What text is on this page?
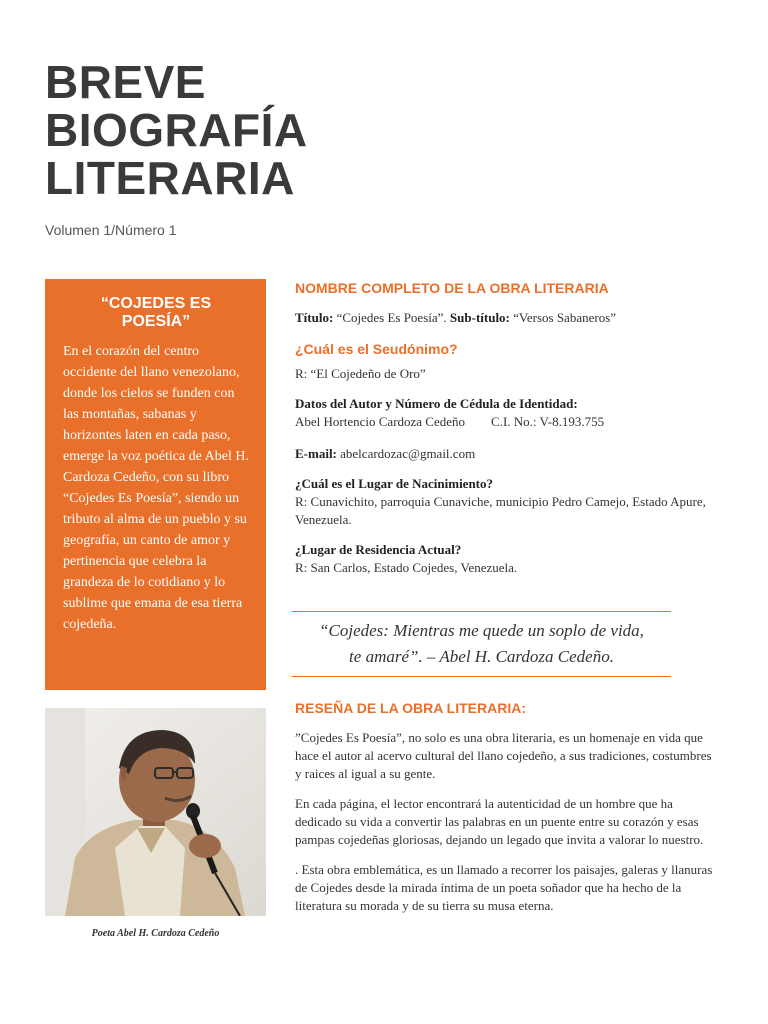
BREVE
BIOGRAFÍA
LITERARIA
Volumen 1/Número 1
“COJEDES ES
POESÍA”

En el corazón del centro occidente del llano venezolano, donde los cielos se funden con las montañas, sabanas y horizontes laten en cada paso, emerge la voz poética de Abel H. Cardoza Cedeño, con su libro “Cojedes Es Poesía”, siendo un tributo al alma de un pueblo y su geografía, un canto de amor y pertinencia que celebra la grandeza de lo cotidiano y lo sublime que emana de esa tierra cojedeña.

Poeta Abel H. Cardoza Cedeño
NOMBRE COMPLETO DE LA OBRA LITERARIA

Título: “Cojedes Es Poesía”. Sub-título: “Versos Sabaneros”

¿Cuál es el Seudónimo?

R: “El Cojedeño de Oro”

Datos del Autor y Número de Cédula de Identidad:

Abel Hortencio Cardoza Cedeño C.I. No.: V-8.193.755

E-mail: abelcardozac@gmail.com

¿Cuál es el Lugar de Nacinimiento?

R: Cunavichito, parroquia Cunaviche, municipio Pedro Camejo, Estado Apure, Venezuela.

¿Lugar de Residencia Actual?

R: San Carlos, Estado Cojedes, Venezuela.

“Cojedes: Mientras me quede un soplo de vida,
te amaré”. – Abel H. Cardoza Cedeño.
RESEÑA DE LA OBRA LITERARIA:

”Cojedes Es Poesía”, no solo es una obra literaria, es un homenaje en vida que hace el autor al acervo cultural del llano cojedeño, a sus tradiciones, costumbres y raices al igual a su gente.

En cada página, el lector encontrará la autenticidad de un hombre que ha dedicado su vida a convertir las palabras en un puente entre su corazón y esas pampas cojedeñas gloriosas, dejando un legado que invita a valorar lo nuestro.

. Esta obra emblemática, es un llamado a recorrer los paisajes, galeras y llanuras de Cojedes desde la mirada íntima de un poeta soñador que ha hecho de la literatura su morada y de su tierra su musa eterna.
